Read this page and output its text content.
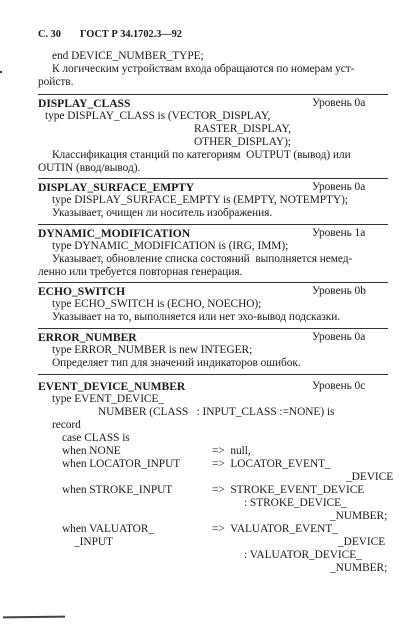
С. 30 ГОСТ Р 34.1702.3—92
end DEVICE_NUMBER_TYPE;
К логическим устройствам входа обращаются по номерам уст-
ройств.
DISPLAY_CLASS	Уровень 0a
type DISPLAY_CLASS is (VECTOR_DISPLAY,
RASTER_DISPLAY,
OTHER_DISPLAY);
Классификация станций по категориям  OUTPUT (вывод) или
OUTIN (ввод/вывод).
DISPLAY_SURFACE_EMPTY	Уровень 0a
type DISPLAY_SURFACE_EMPTY is (EMPTY, NOTEMPTY);
Указывает, очищен ли носитель изображения.
DYNAMIC_MODIFICATION	Уровень 1a
type DYNAMIC_MODIFICATION is (IRG, IMM);
Указывает, обновление списка состояний  выполняется немед-
ленно или требуется повторная генерация.
ECHO_SWITCH	Уровень 0b
type ECHO_SWITCH is (ECHO, NOECHO);
Указывает на то, выполняется или нет эхо-вывод подсказки.
ERROR_NUMBER	Уровень 0a
type ERROR_NUMBER is new INTEGER;
Определяет тип для значений индикаторов ошибок.
EVENT_DEVICE_NUMBER	Уровень 0c
type EVENT_DEVICE_
NUMBER (CLASS   : INPUT_CLASS :=NONE) is
record
case CLASS is
when NONE	=>  null,
when LOCATOR_INPUT	=>  LOCATOR_EVENT_
_DEVICE
when STROKE_INPUT	=>  STROKE_EVENT_DEVICE
: STROKE_DEVICE_
_NUMBER;
when VALUATOR_	=>  VALUATOR_EVENT_
_INPUT	_DEVICE
: VALUATOR_DEVICE_
_NUMBER;
